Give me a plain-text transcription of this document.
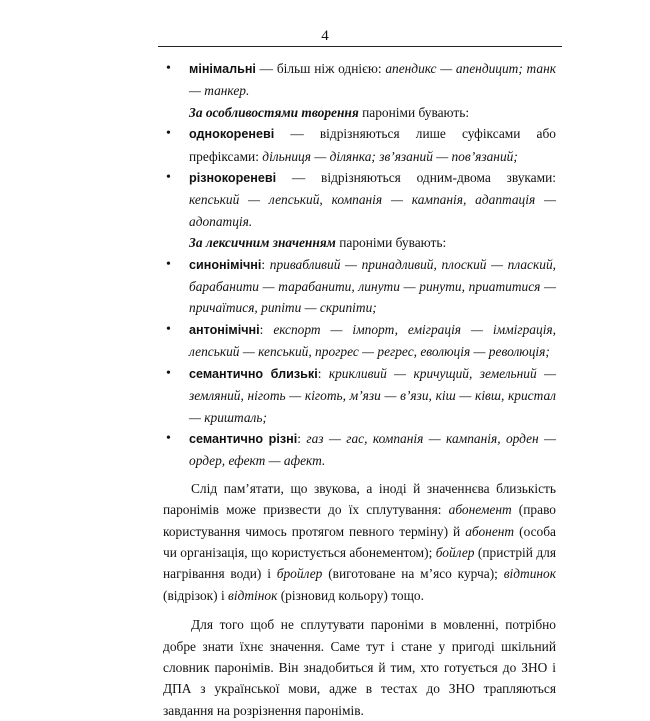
4
• мінімальні — більш ніж однією: апендикс — апендицит; танк — танкер.
За особливостями творення пароніми бувають:
• однокореневі — відрізняються лише суфіксами або префіксами: дільниця — ділянка; зв’язаний — пов’язаний;
• різнокореневі — відрізняються одним-двома звуками: кепський — лепський, компанія — кампанія, адаптація — адопатція.
За лексичним значенням пароніми бувають:
• синонімічні: привабливий — принадливий, плоский — плаский, барабанити — тарабанити, линути — ринути, приатитися — причаїтися, рипіти — скрипіти;
• антонімічні: експорт — імпорт, еміграція — імміграція, лепський — кепський, прогрес — регрес, еволюція — революція;
• семантично близькі: крикливий — кричущий, земельний — земляний, ніготь — кіготь, м’язи — в’язи, кіш — ківш, кристал — кришталь;
• семантично різні: газ — гас, компанія — кампанія, орден — ордер, ефект — афект.
Слід пам’ятати, що звукова, а іноді й значеннєва близькість паронімів може призвести до їх сплутування: абонемент (право користування чимось протягом певного терміну) й абонент (особа чи організація, що користується абонементом); бойлер (пристрій для нагрівання води) і бройлер (виготоване на м’ясо курча); відтинок (відрізок) і відтінок (різновид кольору) тощо.
Для того щоб не сплутувати пароніми в мовленні, потрібно добре знати їхнє значення. Саме тут і стане у пригоді шкільний словник паронімів. Він знадобиться й тим, хто готується до ЗНО і ДПА з української мови, адже в тестах до ЗНО трапляються завдання на розрізнення паронімів.
